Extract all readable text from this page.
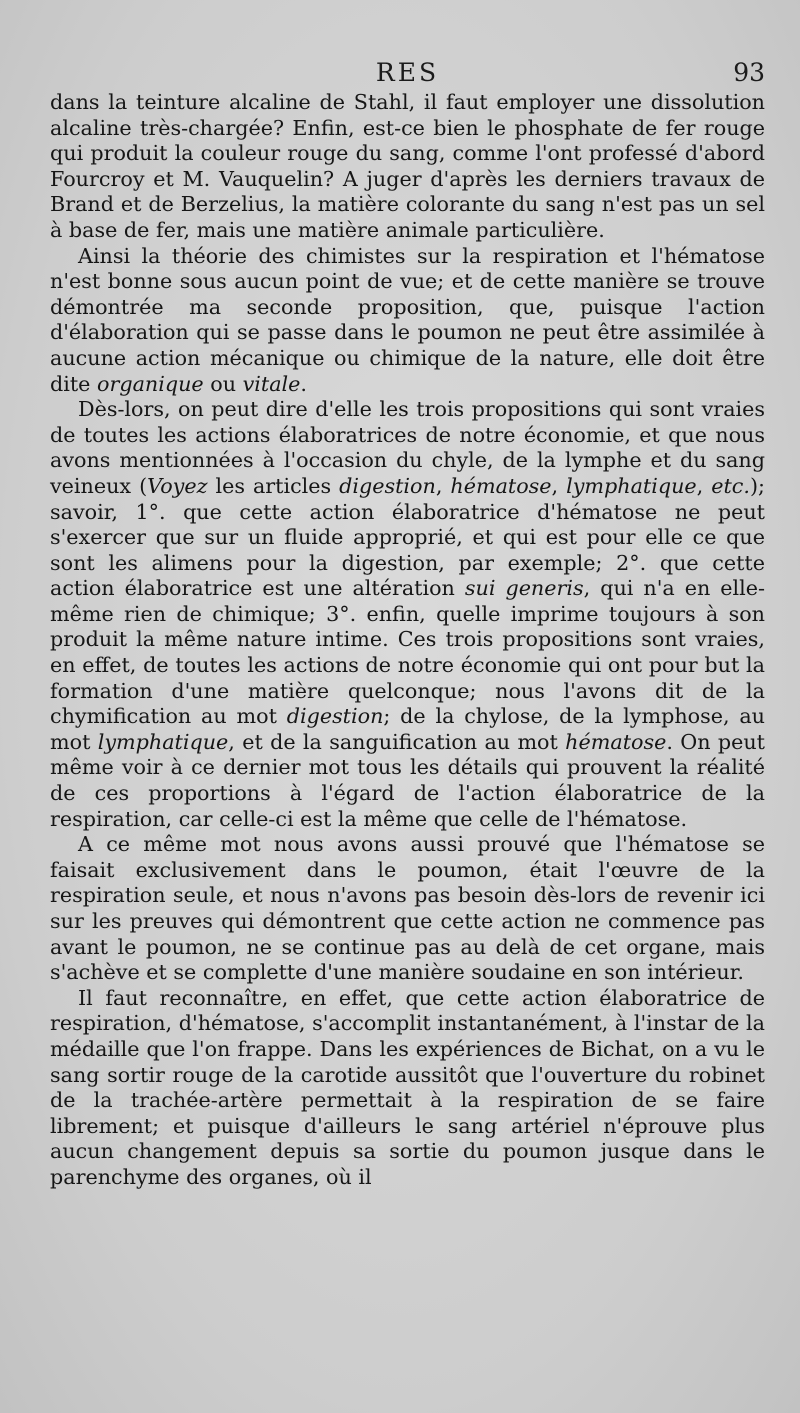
RES	93

dans la teinture alcaline de Stahl, il faut employer une dissolution alcaline très-chargée? Enfin, est-ce bien le phosphate de fer rouge qui produit la couleur rouge du sang, comme l'ont professé d'abord Fourcroy et M. Vauquelin? A juger d'après les derniers travaux de Brand et de Berzelius, la matière colorante du sang n'est pas un sel à base de fer, mais une matière animale particulière.

Ainsi la théorie des chimistes sur la respiration et l'hématose n'est bonne sous aucun point de vue; et de cette manière se trouve démontrée ma seconde proposition, que, puisque l'action d'élaboration qui se passe dans le poumon ne peut être assimilée à aucune action mécanique ou chimique de la nature, elle doit être dite organique ou vitale.

Dès-lors, on peut dire d'elle les trois propositions qui sont vraies de toutes les actions élaboratrices de notre économie, et que nous avons mentionnées à l'occasion du chyle, de la lymphe et du sang veineux (Voyez les articles digestion, hématose, lymphatique, etc.); savoir, 1°. que cette action élaboratrice d'hématose ne peut s'exercer que sur un fluide approprié, et qui est pour elle ce que sont les alimens pour la digestion, par exemple; 2°. que cette action élaboratrice est une altération sui generis, qui n'a en elle-même rien de chimique; 3°. enfin, quelle imprime toujours à son produit la même nature intime. Ces trois propositions sont vraies, en effet, de toutes les actions de notre économie qui ont pour but la formation d'une matière quelconque; nous l'avons dit de la chymification au mot digestion; de la chylose, de la lymphose, au mot lymphatique, et de la sanguification au mot hématose. On peut même voir à ce dernier mot tous les détails qui prouvent la réalité de ces proportions à l'égard de l'action élaboratrice de la respiration, car celle-ci est la même que celle de l'hématose.

A ce même mot nous avons aussi prouvé que l'hématose se faisait exclusivement dans le poumon, était l'œuvre de la respiration seule, et nous n'avons pas besoin dès-lors de revenir ici sur les preuves qui démontrent que cette action ne commence pas avant le poumon, ne se continue pas au delà de cet organe, mais s'achève et se complette d'une manière soudaine en son intérieur.

Il faut reconnaître, en effet, que cette action élaboratrice de respiration, d'hématose, s'accomplit instantanément, à l'instar de la médaille que l'on frappe. Dans les expériences de Bichat, on a vu le sang sortir rouge de la carotide aussitôt que l'ouverture du robinet de la trachée-artère permettait à la respiration de se faire librement; et puisque d'ailleurs le sang artériel n'éprouve plus aucun changement depuis sa sortie du poumon jusque dans le parenchyme des organes, où il
